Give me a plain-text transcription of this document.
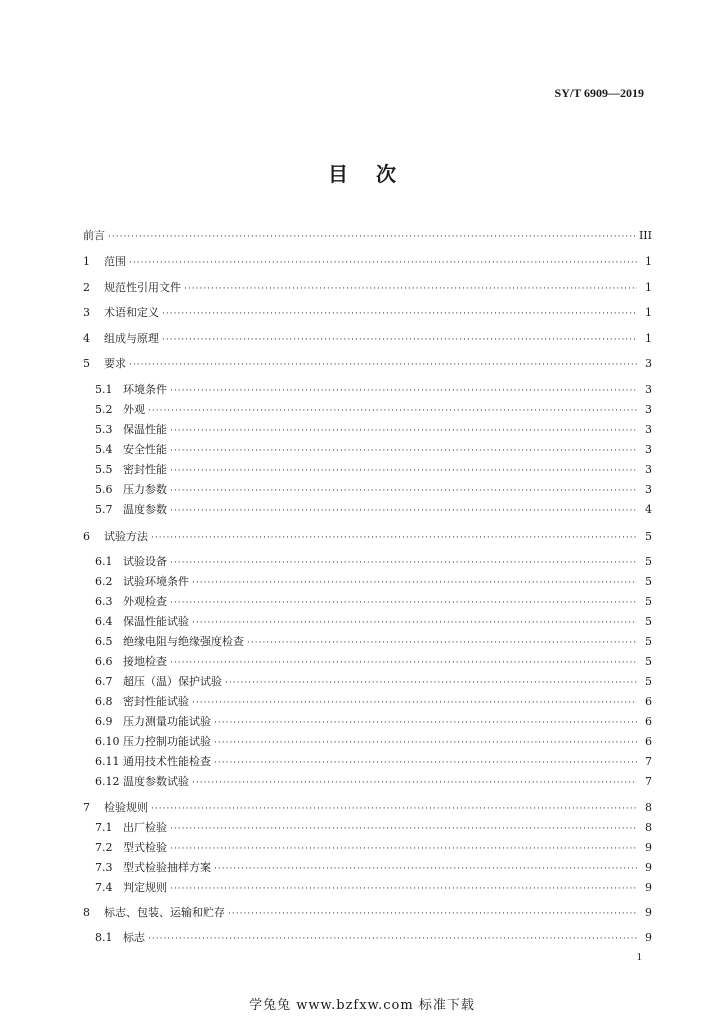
SY/T 6909—2019
目次
前言 ·····	III
1	范围 ·····	1
2	规范性引用文件 ·····	1
3	术语和定义 ·····	1
4	组成与原理 ·····	1
5	要求 ·····	3
5.1 环境条件 ·····	3
5.2 外观 ·····	3
5.3 保温性能 ·····	3
5.4 安全性能 ·····	3
5.5 密封性能 ·····	3
5.6 压力参数 ·····	3
5.7 温度参数 ·····	4
6	试验方法 ·····	5
6.1 试验设备 ·····	5
6.2 试验环境条件 ·····	5
6.3 外观检查 ·····	5
6.4 保温性能试验 ·····	5
6.5 绝缘电阻与绝缘强度检查 ·····	5
6.6 接地检查 ·····	5
6.7 超压（温）保护试验 ·····	5
6.8 密封性能试验 ·····	6
6.9 压力测量功能试验 ·····	6
6.10 压力控制功能试验 ·····	6
6.11 通用技术性能检查 ·····	7
6.12 温度参数试验 ·····	7
7	检验规则 ·····	8
7.1 出厂检验 ·····	8
7.2 型式检验 ·····	9
7.3 型式检验抽样方案 ·····	9
7.4 判定规则 ·····	9
8	标志、包装、运输和贮存 ·····	9
8.1 标志 ·····	9
1
学兔兔 www.bzfxw.com 标准下载
